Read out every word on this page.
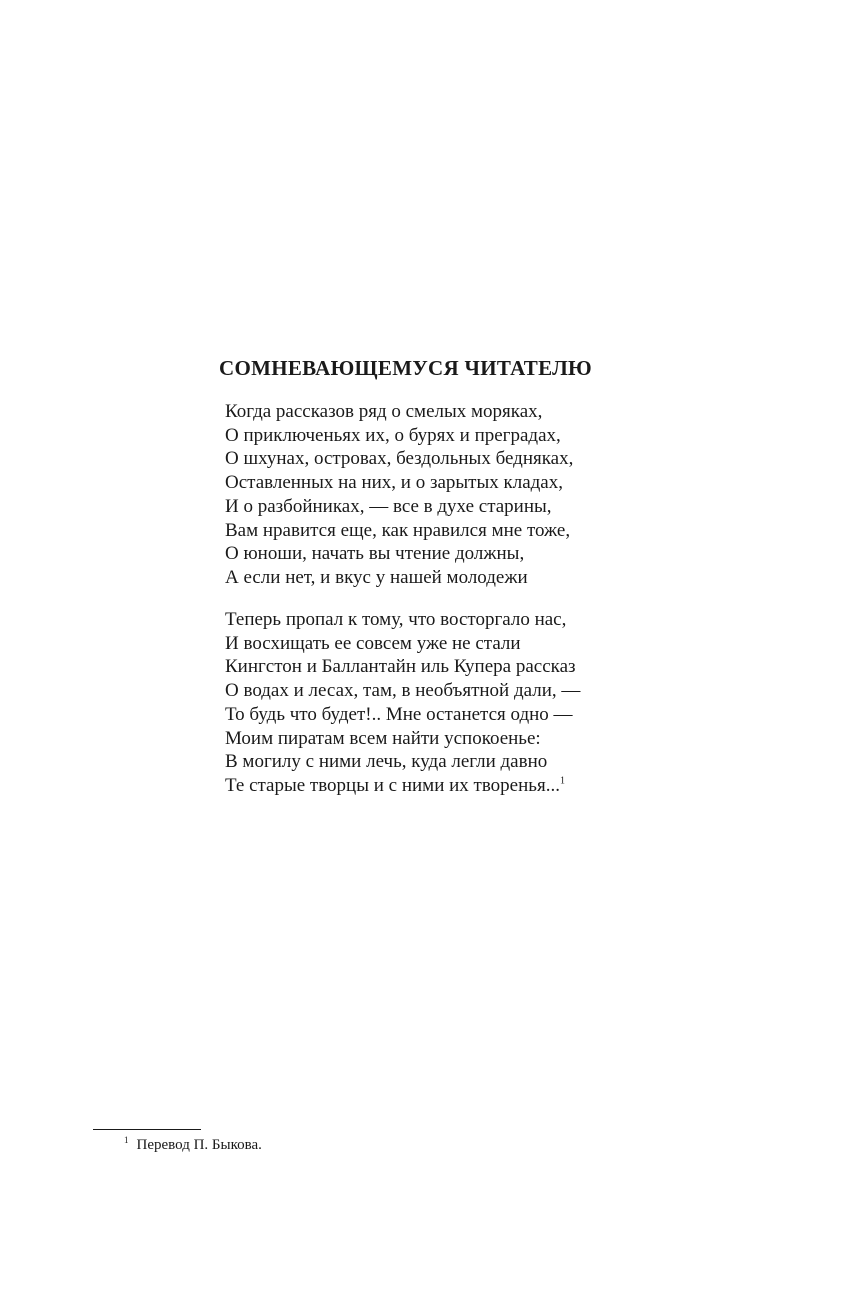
СОМНЕВАЮЩЕМУСЯ ЧИТАТЕЛЮ
Когда рассказов ряд о смелых моряках,
О приключеньях их, о бурях и преградах,
О шхунах, островах, бездольных бедняках,
Оставленных на них, и о зарытых кладах,
И о разбойниках, — все в духе старины,
Вам нравится еще, как нравился мне тоже,
О юноши, начать вы чтение должны,
А если нет, и вкус у нашей молодежи
Теперь пропал к тому, что восторгало нас,
И восхищать ее совсем уже не стали
Кингстон и Баллантайн иль Купера рассказ
О водах и лесах, там, в необъятной дали, —
То будь что будет!.. Мне останется одно —
Моим пиратам всем найти успокоенье:
В могилу с ними лечь, куда легли давно
Те старые творцы и с ними их творенья...$^1$

$^1$ Перевод П. Быкова.
